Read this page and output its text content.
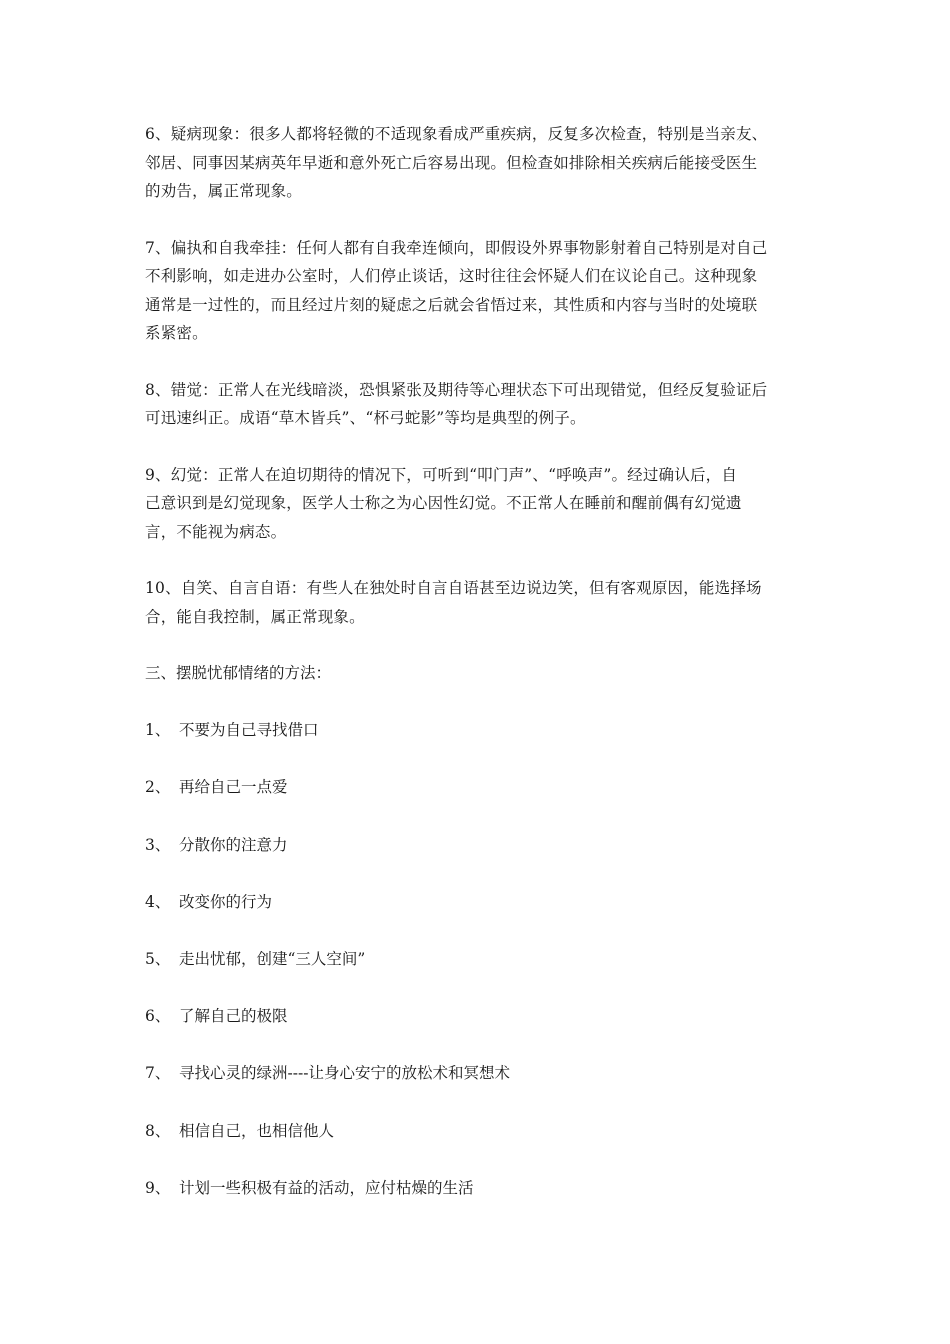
6、疑病现象：很多人都将轻微的不适现象看成严重疾病，反复多次检查，特别是当亲友、
邻居、同事因某病英年早逝和意外死亡后容易出现。但检查如排除相关疾病后能接受医生
的劝告，属正常现象。
7、偏执和自我牵挂：任何人都有自我牵连倾向，即假设外界事物影射着自己特别是对自己
不利影响，如走进办公室时，人们停止谈话，这时往往会怀疑人们在议论自己。这种现象
通常是一过性的，而且经过片刻的疑虑之后就会省悟过来，其性质和内容与当时的处境联
系紧密。
8、错觉：正常人在光线暗淡，恐惧紧张及期待等心理状态下可出现错觉，但经反复验证后
可迅速纠正。成语“草木皆兵”、“杯弓蛇影”等均是典型的例子。
9、幻觉：正常人在迫切期待的情况下，可听到“叩门声”、“呼唤声”。经过确认后，自
己意识到是幻觉现象，医学人士称之为心因性幻觉。不正常人在睡前和醒前偶有幻觉遗
言，不能视为病态。
10、自笑、自言自语：有些人在独处时自言自语甚至边说边笑，但有客观原因，能选择场
合，能自我控制，属正常现象。
三、摆脱忧郁情绪的方法：
1、 不要为自己寻找借口
2、 再给自己一点爱
3、 分散你的注意力
4、 改变你的行为
5、 走出忧郁，创建“三人空间”
6、 了解自己的极限
7、 寻找心灵的绿洲----让身心安宁的放松术和冥想术
8、 相信自己，也相信他人
9、 计划一些积极有益的活动，应付枯燥的生活
